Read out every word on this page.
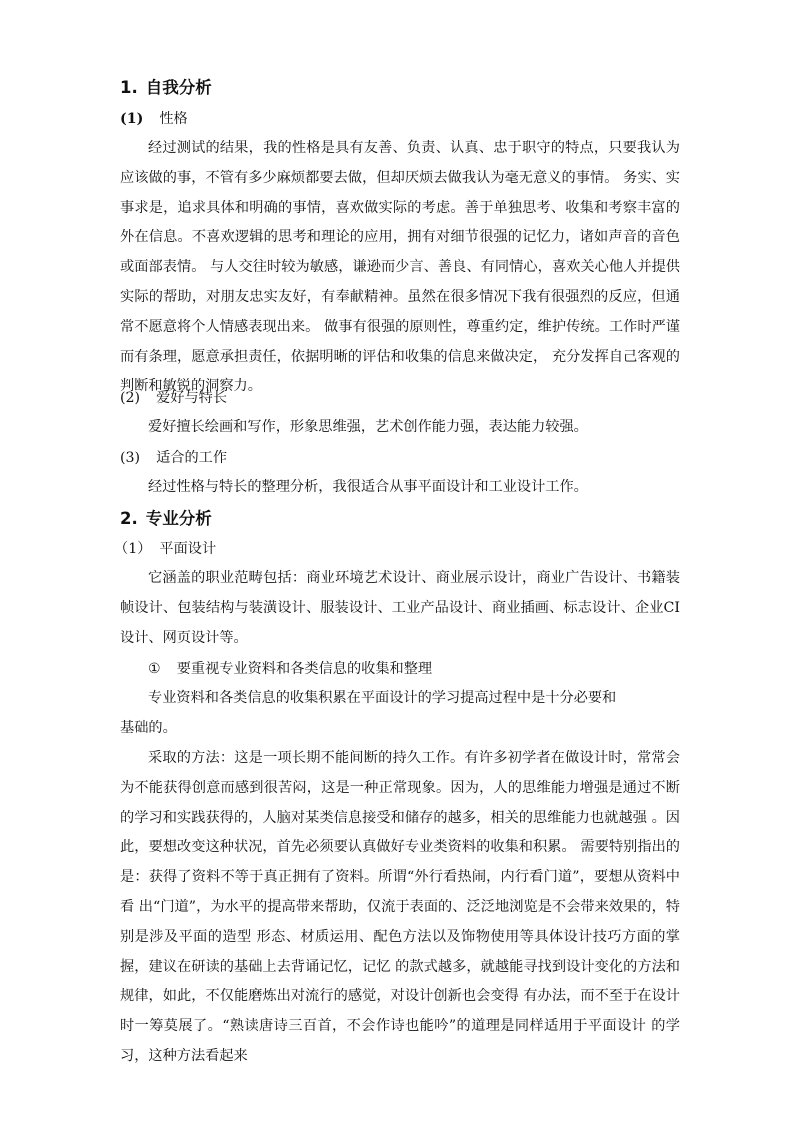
1. 自我分析
(1) 性格

经过测试的结果，我的性格是具有友善、负责、认真、忠于职守的特点，只要我认为应该做的事，不管有多少麻烦都要去做，但却厌烦去做我认为毫无意义的事情。 务实、实事求是，追求具体和明确的事情，喜欢做实际的考虑。善于单独思考、收集和考察丰富的外在信息。不喜欢逻辑的思考和理论的应用，拥有对细节很强的记忆力，诸如声音的音色或面部表情。 与人交往时较为敏感，谦逊而少言、善良、有同情心，喜欢关心他人并提供实际的帮助，对朋友忠实友好，有奉献精神。虽然在很多情况下我有很强烈的反应，但通常不愿意将个人情感表现出来。 做事有很强的原则性，尊重约定，维护传统。工作时严谨而有条理，愿意承担责任，依据明晰的评估和收集的信息来做决定， 充分发挥自己客观的判断和敏锐的洞察力。

(2) 爱好与特长

爱好擅长绘画和写作，形象思维强，艺术创作能力强，表达能力较强。

(3) 适合的工作

经过性格与特长的整理分析，我很适合从事平面设计和工业设计工作。

2. 专业分析
（1） 平面设计

它涵盖的职业范畴包括：商业环境艺术设计、商业展示设计，商业广告设计、书籍装帧设计、包装结构与装潢设计、服装设计、工业产品设计、商业插画、标志设计、企业CI 设计、网页设计等。

① 要重视专业资料和各类信息的收集和整理

专业资料和各类信息的收集积累在平面设计的学习提高过程中是十分必要和

基础的。

采取的方法：这是一项长期不能间断的持久工作。有许多初学者在做设计时，常常会为不能获得创意而感到很苦闷，这是一种正常现象。因为，人的思维能力增强是通过不断的学习和实践获得的，人脑对某类信息接受和储存的越多，相关的思维能力也就越强 。因此，要想改变这种状况，首先必须要认真做好专业类资料的收集和积累。 需要特别指出的是：获得了资料不等于真正拥有了资料。所谓“外行看热闹，内行看门道”，要想从资料中看 出“门道”，为水平的提高带来帮助，仅流于表面的、泛泛地浏览是不会带来效果的，特别是涉及平面的造型 形态、材质运用、配色方法以及饰物使用等具体设计技巧方面的掌握，建议在研读的基础上去背诵记忆，记忆 的款式越多，就越能寻找到设计变化的方法和规律，如此，不仅能磨炼出对流行的感觉，对设计创新也会变得 有办法，而不至于在设计时一筹莫展了。“熟读唐诗三百首，不会作诗也能吟”的道理是同样适用于平面设计 的学习，这种方法看起来
